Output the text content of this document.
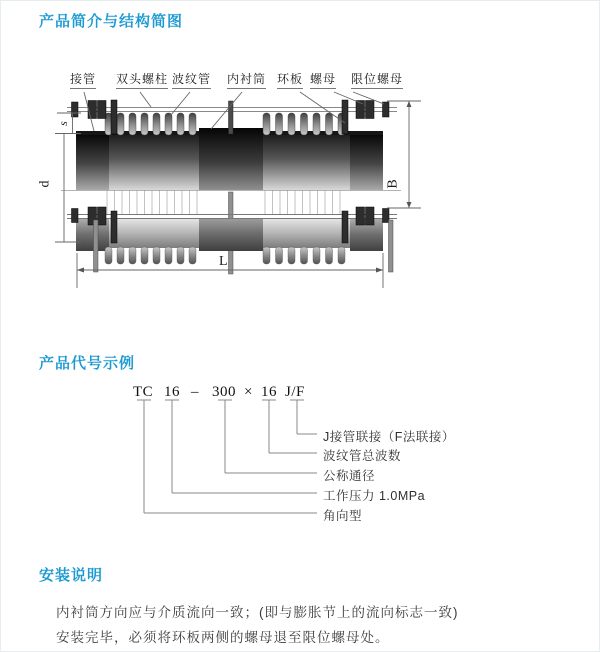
产品简介与结构简图
接管 双头螺柱 波纹管 内衬筒 环板 螺母 限位螺母
s
d	B
L
产品代号示例
TC 16 – 300 × 16 J/F
J接管联接（F法联接）
波纹管总波数
公称通径
工作压力 1.0MPa
角向型
安装说明

内衬筒方向应与介质流向一致；(即与膨胀节上的流向标志一致)

安装完毕，必须将环板两侧的螺母退至限位螺母处。
